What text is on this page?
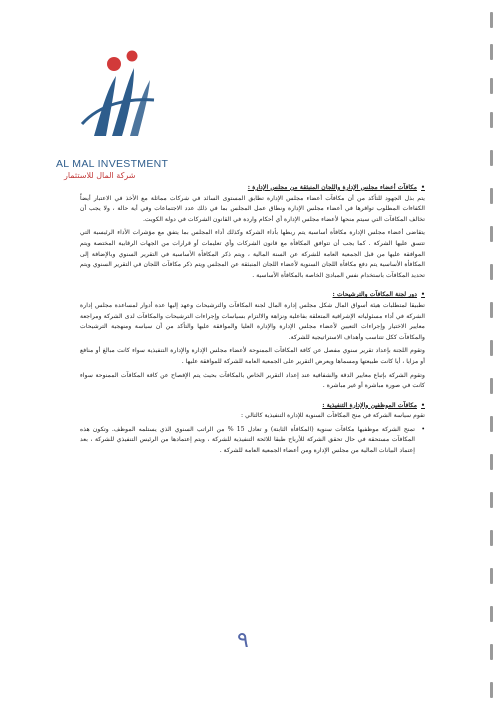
AL MAL INVESTMENT
شركة المال للاستثمار

•مكافآت أعضاء مجلس الإدارة واللجان المنبثقة من مجلس الإدارة :

يتم بذل الجهود للتأكد من أن مكافآت أعضاء مجلس الإدارة تطابق المستوى السائد في شركات مماثلة مع الأخذ في الاعتبار أيضاً الكفاءات المطلوب توافرها في أعضاء مجلس الإدارة ونطاق عمل المجلس بما في ذلك عدد الاجتماعات وفي أية حالة ، ولا يجب أن تخالف المكافآت التي سيتم منحها لأعضاء مجلس الإدارة أي أحكام واردة في القانون الشركات في دولة الكويت.

يتقاضى أعضاء مجلس الإدارة مكافأة أساسية يتم ربطها بأداء الشركة وكذلك أداء المجلس بما يتفق مع مؤشرات الأداء الرئيسية التي تتسق عليها الشركة . كما يجب أن تتوافق المكافأة مع قانون الشركات وأي تعليمات أو قرارات من الجهات الرقابية المختصة ويتم الموافقة عليها من قبل الجمعية العامة للشركة عن السنة المالية ، ويتم ذكر المكافأة الأساسية في التقرير السنوي وبالإضافة إلى المكافأة الأساسية يتم دفع مكافأة اللجان السنوية لأعضاء اللجان المنبثقة عن المجلس ويتم ذكر مكافآت اللجان في التقرير السنوي ويتم تحديد المكافآت باستخدام نفس المبادئ الخاصة بالمكافأة الأساسية .

•دور لجنة المكافآت والترشيحات :

تطبيقا لمتطلبات هيئة أسواق المال شكل مجلس إدارة المال لجنة المكافآت والترشيحات وعهد إليها عدة أدوار لمساعدة مجلس إدارة الشركة في أداء مسئولياته الإشرافية المتعلقة بفاعلية ونزاهة والالتزام بسياسات وإجراءات الترشيحات والمكافآت لدى الشركة ومراجعة معايير الاختيار وإجراءات التعيين لأعضاء مجلس الإدارة والإدارة العليا والموافقة عليها والتأكد من أن سياسة ومنهجية الترشيحات والمكافآت ككل تتناسب وأهداف الاستراتيجية للشركة.

وتقوم اللجنة بإعداد تقرير سنوي مفصل عن كافة المكافآت الممنوحة لأعضاء مجلس الإدارة والإدارة التنفيذية سواء كانت مبالغ أو منافع أو مزايا ، أيا كانت طبيعتها ومسماها ويعرض التقرير على الجمعية العامة للشركة للموافقة عليها .

وتقوم الشركة بإتباع معايير الدقة والشفافية عند إعداد التقرير الخاص بالمكافآت بحيث يتم الإفصاح عن كافة المكافآت الممنوحة سواء كانت في صورة مباشرة أو غير مباشرة .

•مكافآت الموظفين والإدارة التنفيذية :

تقوم سياسة الشركة في منح المكافآت السنوية للإدارة التنفيذية كالتالي :

•
تمنح الشركة موظفيها مكافآت سنوية (المكافأة الثابتة) و تعادل 15 % من الراتب السنوي الذي يستلمه الموظف. وتكون هذه المكافآت مستحقة في حال تحقق الشركة للأرباح طبقا للائحة التنفيذية للشركة ، ويتم إعتمادها من الرئيس التنفيذي للشركة ، بعد إعتماد البيانات المالية من مجلس الإدارة ومن أعضاء الجمعية العامة للشركة .

٩
